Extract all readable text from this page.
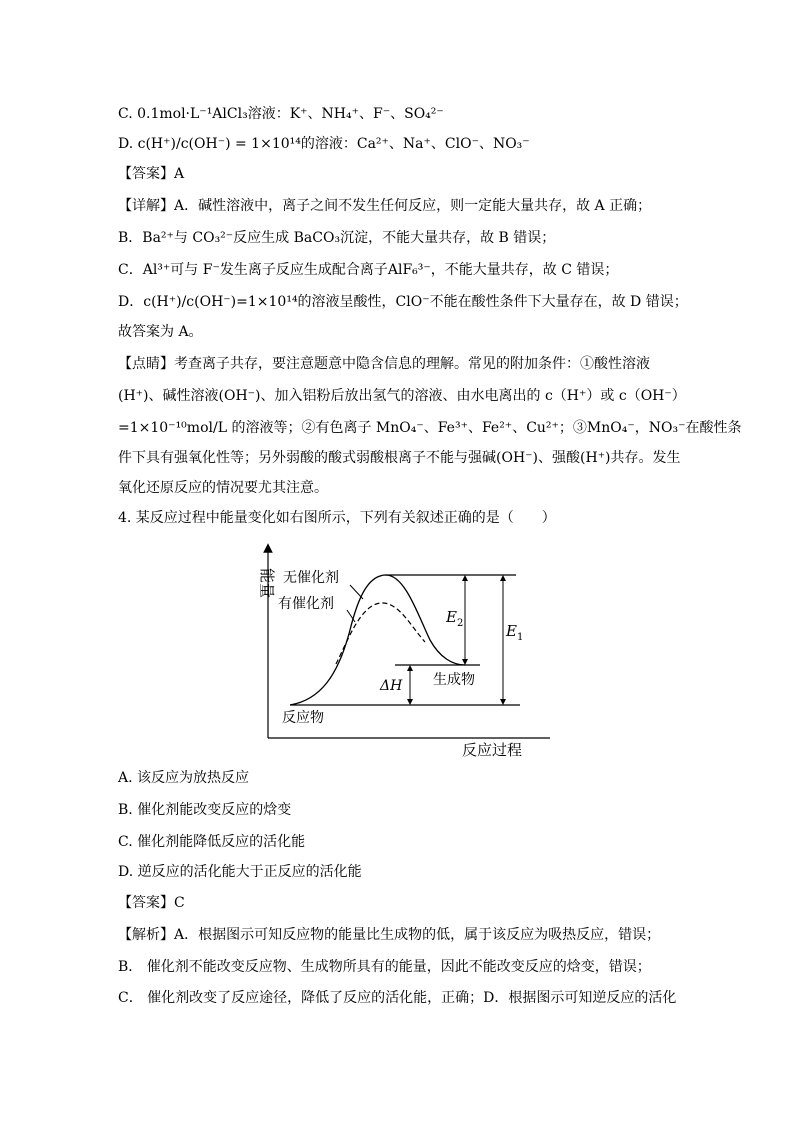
C. 0.1mol·L⁻¹AlCl₃溶液：K⁺、NH₄⁺、F⁻、SO₄²⁻
D. c(H⁺)/c(OH⁻) = 1×10¹⁴的溶液：Ca²⁺、Na⁺、ClO⁻、NO₃⁻
【答案】A
【详解】A．碱性溶液中，离子之间不发生任何反应，则一定能大量共存，故 A 正确；
B．Ba²⁺与 CO₃²⁻反应生成 BaCO₃沉淀，不能大量共存，故 B 错误；
C．Al³⁺可与 F⁻发生离子反应生成配合离子AlF₆³⁻，不能大量共存，故 C 错误；
D．c(H⁺)/c(OH⁻)=1×10¹⁴的溶液呈酸性，ClO⁻不能在酸性条件下大量存在，故 D 错误；
故答案为 A。
【点睛】考查离子共存，要注意题意中隐含信息的理解。常见的附加条件：①酸性溶液
(H⁺)、碱性溶液(OH⁻)、加入铝粉后放出氢气的溶液、由水电离出的 c（H⁺）或 c（OH⁻）
=1×10⁻¹⁰mol/L 的溶液等；②有色离子 MnO₄⁻、Fe³⁺、Fe²⁺、Cu²⁺；③MnO₄⁻，NO₃⁻在酸性条
件下具有强氧化性等；另外弱酸的酸式弱酸根离子不能与强碱(OH⁻)、强酸(H⁺)共存。发生
氧化还原反应的情况要尤其注意。
4. 某反应过程中能量变化如右图所示，下列有关叙述正确的是（　　）
能量
反应过程
无催化剂
有催化剂
$E_2$	$E_1$
ΔH 生成物
反应物
A. 该反应为放热反应
B. 催化剂能改变反应的焓变
C. 催化剂能降低反应的活化能
D. 逆反应的活化能大于正反应的活化能
【答案】C
【解析】A．根据图示可知反应物的能量比生成物的低，属于该反应为吸热反应，错误；
B． 催化剂不能改变反应物、生成物所具有的能量，因此不能改变反应的焓变，错误；
C． 催化剂改变了反应途径，降低了反应的活化能，正确；D．根据图示可知逆反应的活化
